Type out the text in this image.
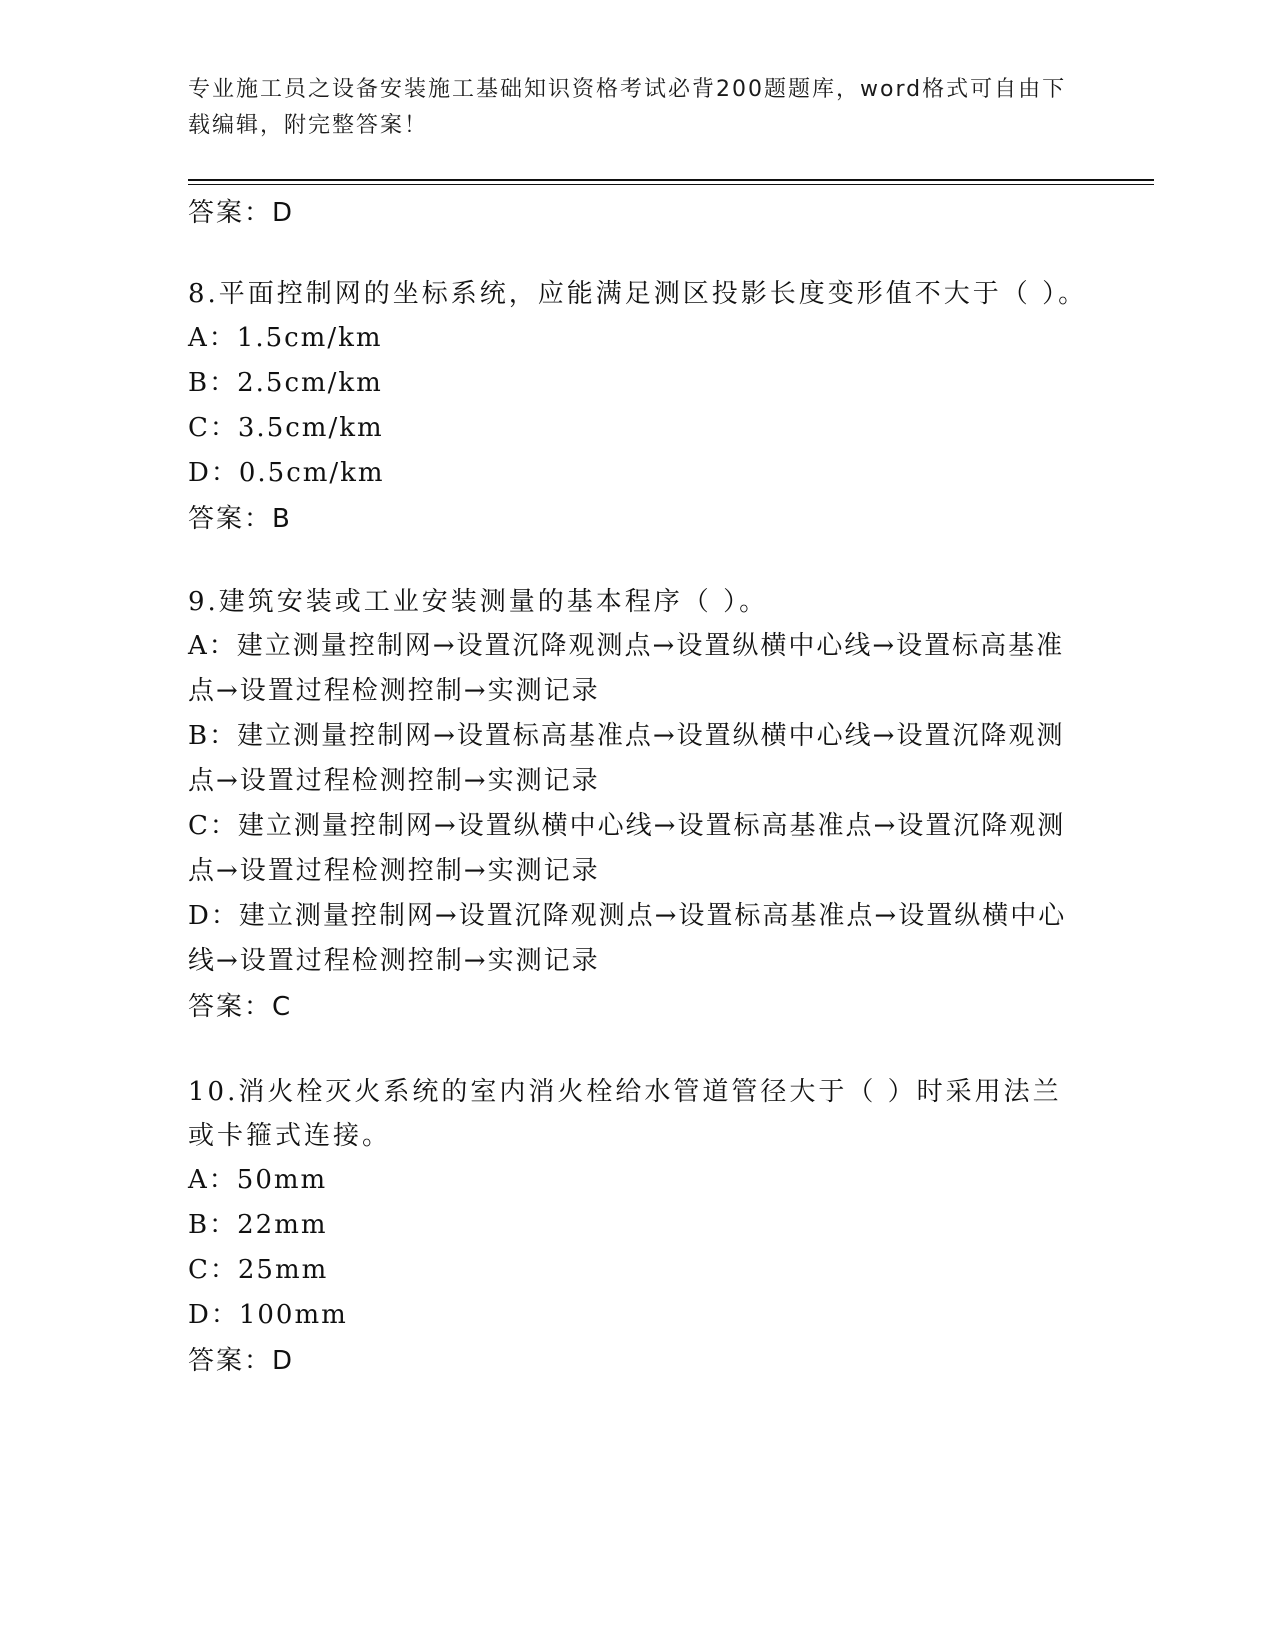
专业施工员之设备安装施工基础知识资格考试必背200题题库，word格式可自由下载编辑，附完整答案！

答案：D

8.平面控制网的坐标系统，应能满足测区投影长度变形值不大于（ ）。

A：1.5cm/km

B：2.5cm/km

C：3.5cm/km

D：0.5cm/km

答案：B

9.建筑安装或工业安装测量的基本程序（ ）。

A：建立测量控制网→设置沉降观测点→设置纵横中心线→设置标高基准点→设置过程检测控制→实测记录

B：建立测量控制网→设置标高基准点→设置纵横中心线→设置沉降观测点→设置过程检测控制→实测记录

C：建立测量控制网→设置纵横中心线→设置标高基准点→设置沉降观测点→设置过程检测控制→实测记录

D：建立测量控制网→设置沉降观测点→设置标高基准点→设置纵横中心线→设置过程检测控制→实测记录

答案：C

10.消火栓灭火系统的室内消火栓给水管道管径大于（ ）时采用法兰或卡箍式连接。

A：50mm

B：22mm

C：25mm

D：100mm

答案：D
